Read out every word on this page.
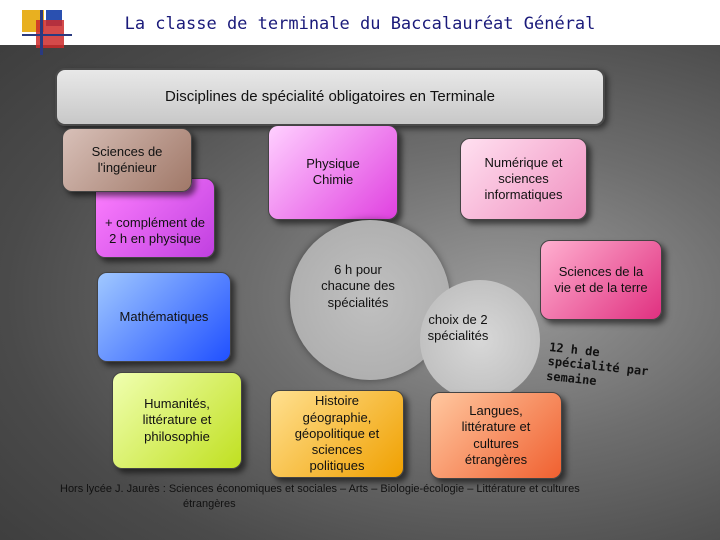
La classe de terminale du Baccalauréat Général
Disciplines de spécialité obligatoires en Terminale
+ complément de 2 h en physique
Sciences de l'ingénieur	Physique Chimie
Numérique et sciences informatiques
Sciences de la vie et de la terre
Mathématiques
6 h pour chacune des spécialités
choix de 2 spécialités
12 h de spécialité par semaine
Humanités, littérature et philosophie
Histoire géographie, géopolitique et sciences politiques
Langues, littérature et cultures étrangères
Hors lycée J. Jaurès : Sciences économiques et sociales – Arts – Biologie-écologie – Littérature et cultures
étrangères
